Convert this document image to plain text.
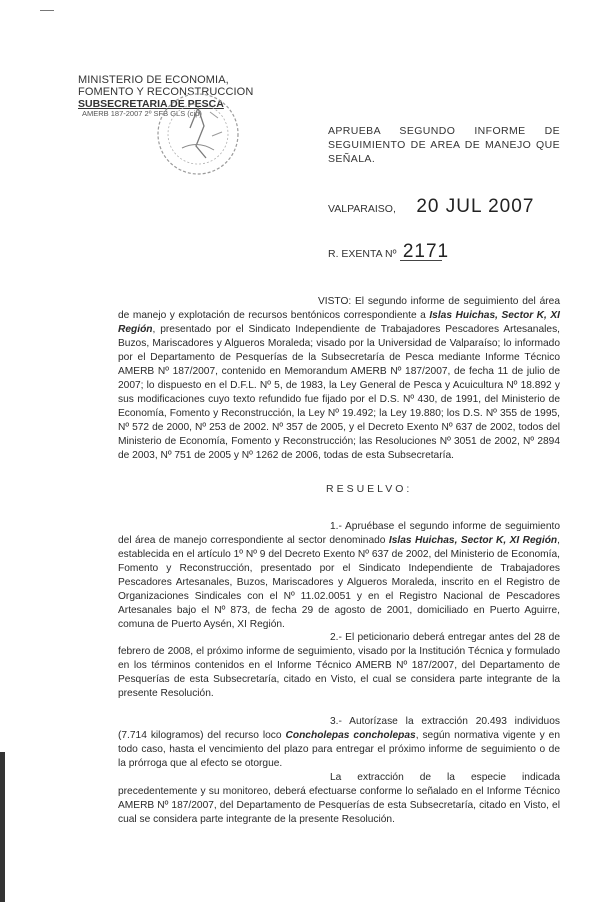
MINISTERIO DE ECONOMIA,
FOMENTO Y RECONSTRUCCION
SUBSECRETARIA DE PESCA
AMERB 187-2007 2º SFB GLS (cip)
APRUEBA SEGUNDO INFORME DE SEGUIMIENTO DE AREA DE MANEJO QUE SEÑALA.
VALPARAISO, 20 JUL 2007
R. EXENTA Nº 2171
VISTO: El segundo informe de seguimiento del área de manejo y explotación de recursos bentónicos correspondiente a Islas Huichas, Sector K, XI Región, presentado por el Sindicato Independiente de Trabajadores Pescadores Artesanales, Buzos, Mariscadores y Algueros Moraleda; visado por la Universidad de Valparaíso; lo informado por el Departamento de Pesquerías de la Subsecretaría de Pesca mediante Informe Técnico AMERB Nº 187/2007, contenido en Memorandum AMERB Nº 187/2007, de fecha 11 de julio de 2007; lo dispuesto en el D.F.L. Nº 5, de 1983, la Ley General de Pesca y Acuicultura Nº 18.892 y sus modificaciones cuyo texto refundido fue fijado por el D.S. Nº 430, de 1991, del Ministerio de Economía, Fomento y Reconstrucción, la Ley Nº 19.492; la Ley 19.880; los D.S. Nº 355 de 1995, Nº 572 de 2000, Nº 253 de 2002. Nº 357 de 2005, y el Decreto Exento Nº 637 de 2002, todos del Ministerio de Economía, Fomento y Reconstrucción; las Resoluciones Nº 3051 de 2002, Nº 2894 de 2003, Nº 751 de 2005 y Nº 1262 de 2006, todas de esta Subsecretaría.
RESUELVO:
1.- Apruébase el segundo informe de seguimiento del área de manejo correspondiente al sector denominado Islas Huichas, Sector K, XI Región, establecida en el artículo 1º Nº 9 del Decreto Exento Nº 637 de 2002, del Ministerio de Economía, Fomento y Reconstrucción, presentado por el Sindicato Independiente de Trabajadores Pescadores Artesanales, Buzos, Mariscadores y Algueros Moraleda, inscrito en el Registro de Organizaciones Sindicales con el Nº 11.02.0051 y en el Registro Nacional de Pescadores Artesanales bajo el Nº 873, de fecha 29 de agosto de 2001, domiciliado en Puerto Aguirre, comuna de Puerto Aysén, XI Región.
2.- El peticionario deberá entregar antes del 28 de febrero de 2008, el próximo informe de seguimiento, visado por la Institución Técnica y formulado en los términos contenidos en el Informe Técnico AMERB Nº 187/2007, del Departamento de Pesquerías de esta Subsecretaría, citado en Visto, el cual se considera parte integrante de la presente Resolución.
3.- Autorízase la extracción 20.493 individuos (7.714 kilogramos) del recurso loco Concholepas concholepas, según normativa vigente y en todo caso, hasta el vencimiento del plazo para entregar el próximo informe de seguimiento o de la prórroga que al efecto se otorgue.
La extracción de la especie indicada precedentemente y su monitoreo, deberá efectuarse conforme lo señalado en el Informe Técnico AMERB Nº 187/2007, del Departamento de Pesquerías de esta Subsecretaría, citado en Visto, el cual se considera parte integrante de la presente Resolución.
